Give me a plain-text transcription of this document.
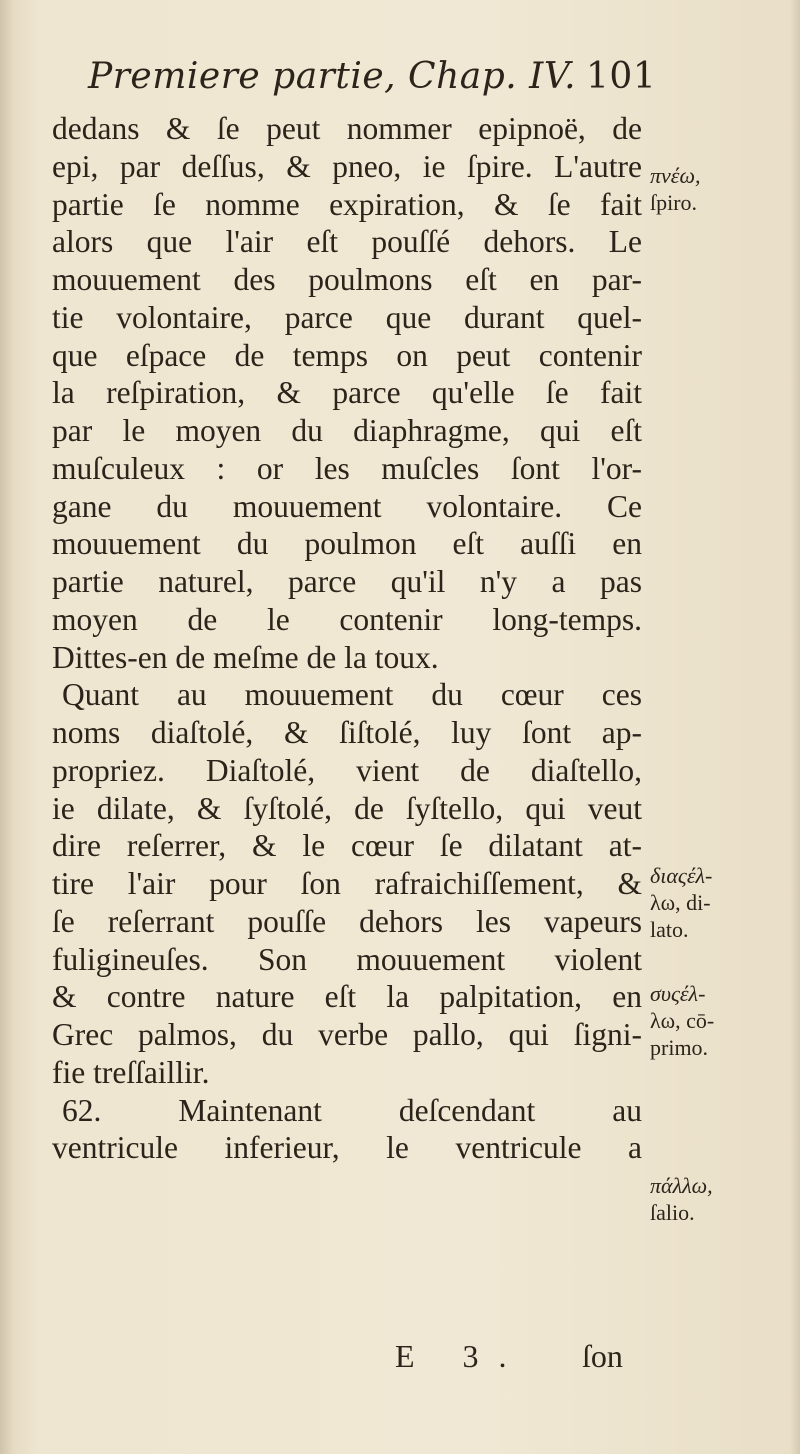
Premiere partie, Chap. IV. 101
dedans & ſe peut nommer epipnoë, de
epi, par deſſus, & pneo, ie ſpire. L'autre
partie ſe nomme expiration, & ſe fait
alors que l'air eſt pouſſé dehors. Le
mouuement des poulmons eſt en par-
tie volontaire, parce que durant quel-
que eſpace de temps on peut contenir
la reſpiration, & parce qu'elle ſe fait
par le moyen du diaphragme, qui eſt
muſculeux : or les muſcles ſont l'or-
gane du mouuement volontaire. Ce
mouuement du poulmon eſt auſſi en
partie naturel, parce qu'il n'y a pas
moyen de le contenir long-temps.
Dittes-en de meſme de la toux.
Quant au mouuement du cœur ces
noms diaſtolé, & ſiſtolé, luy ſont ap-
propriez. Diaſtolé, vient de diaſtello,
ie dilate, & ſyſtolé, de ſyſtello, qui veut
dire reſerrer, & le cœur ſe dilatant at-
tire l'air pour ſon rafraichiſſement, &
ſe reſerrant pouſſe dehors les vapeurs
fuligineuſes. Son mouuement violent
& contre nature eſt la palpitation, en
Grec palmos, du verbe pallo, qui ſigni-
fie treſſaillir.
62. Maintenant deſcendant au
ventricule inferieur, le ventricule a
E 3. ſon
πνέω,
ſpiro.
διαςέλ-
λω, di-
lato.
συςέλ-
λω, cō-
primo.
πάλλω,
ſalio.
